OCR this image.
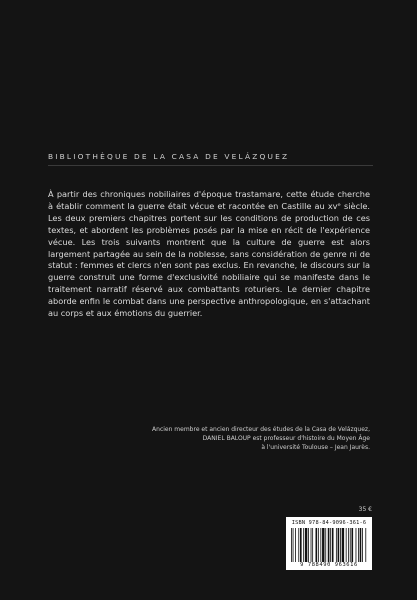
BIBLIOTHÈQUE DE LA CASA DE VELÁZQUEZ

À partir des chroniques nobiliaires d'époque trastamare, cette étude cherche à établir comment la guerre était vécue et racontée en Castille au xvᵉ siècle. Les deux premiers chapitres portent sur les conditions de production de ces textes, et abordent les problèmes posés par la mise en récit de l'expérience vécue. Les trois suivants montrent que la culture de guerre est alors largement partagée au sein de la noblesse, sans considération de genre ni de statut : femmes et clercs n'en sont pas exclus. En revanche, le discours sur la guerre construit une forme d'exclusivité nobiliaire qui se manifeste dans le traitement narratif réservé aux combattants roturiers. Le dernier chapitre aborde enfin le combat dans une perspective anthropologique, en s'attachant au corps et aux émotions du guerrier.

Ancien membre et ancien directeur des études de la Casa de Velázquez,

DANIEL BALOUP est professeur d'histoire du Moyen Âge

à l'université Toulouse – Jean Jaurès.

35 €
ISBN 978-84-9096-361-6
9 788490 963616
